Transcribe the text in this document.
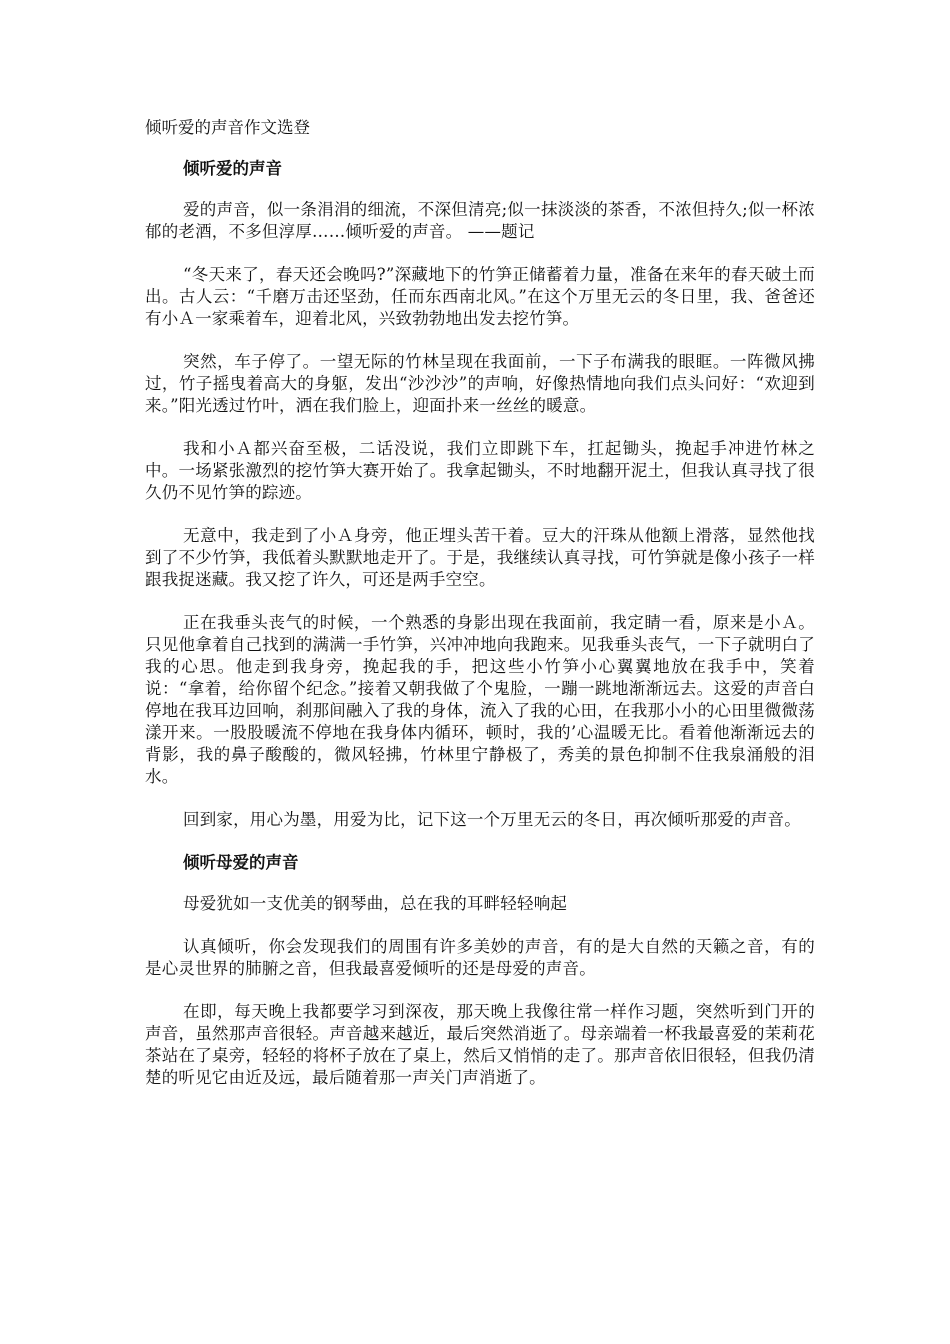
倾听爱的声音作文选登
倾听爱的声音

爱的声音，似一条涓涓的细流，不深但清亮;似一抹淡淡的茶香，不浓但持久;似一杯浓郁的老酒，不多但淳厚……倾听爱的声音。 ——题记

“冬天来了，春天还会晚吗?”深藏地下的竹笋正储蓄着力量，准备在来年的春天破土而出。古人云：“千磨万击还坚劲，任而东西南北风。”在这个万里无云的冬日里，我、爸爸还有小Ａ一家乘着车，迎着北风，兴致勃勃地出发去挖竹笋。

突然，车子停了。一望无际的竹林呈现在我面前，一下子布满我的眼眶。一阵微风拂过，竹子摇曳着高大的身躯，发出“沙沙沙”的声响，好像热情地向我们点头问好：“欢迎到来。”阳光透过竹叶，洒在我们脸上，迎面扑来一丝丝的暖意。

我和小Ａ都兴奋至极，二话没说，我们立即跳下车，扛起锄头，挽起手冲进竹林之中。一场紧张激烈的挖竹笋大赛开始了。我拿起锄头，不时地翻开泥土，但我认真寻找了很久仍不见竹笋的踪迹。

无意中，我走到了小Ａ身旁，他正埋头苦干着。豆大的汗珠从他额上滑落，显然他找到了不少竹笋，我低着头默默地走开了。于是，我继续认真寻找，可竹笋就是像小孩子一样跟我捉迷藏。我又挖了许久，可还是两手空空。

正在我垂头丧气的时候，一个熟悉的身影出现在我面前，我定睛一看，原来是小Ａ。只见他拿着自己找到的满满一手竹笋，兴冲冲地向我跑来。见我垂头丧气，一下子就明白了我的心思。他走到我身旁，挽起我的手，把这些小竹笋小心翼翼地放在我手中，笑着说：“拿着，给你留个纪念。”接着又朝我做了个鬼脸，一蹦一跳地渐渐远去。这爱的声音白停地在我耳边回响，刹那间融入了我的身体，流入了我的心田，在我那小小的心田里微微荡漾开来。一股股暖流不停地在我身体内循环，顿时，我的’心温暖无比。看着他渐渐远去的背影，我的鼻子酸酸的，微风轻拂，竹林里宁静极了，秀美的景色抑制不住我泉涌般的泪水。

回到家，用心为墨，用爱为比，记下这一个万里无云的冬日，再次倾听那爱的声音。

倾听母爱的声音

母爱犹如一支优美的钢琴曲，总在我的耳畔轻轻响起

认真倾听，你会发现我们的周围有许多美妙的声音，有的是大自然的天籁之音，有的是心灵世界的肺腑之音，但我最喜爱倾听的还是母爱的声音。

在即，每天晚上我都要学习到深夜，那天晚上我像往常一样作习题，突然听到门开的声音，虽然那声音很轻。声音越来越近，最后突然消逝了。母亲端着一杯我最喜爱的茉莉花茶站在了桌旁，轻轻的将杯子放在了桌上，然后又悄悄的走了。那声音依旧很轻，但我仍清楚的听见它由近及远，最后随着那一声关门声消逝了。
